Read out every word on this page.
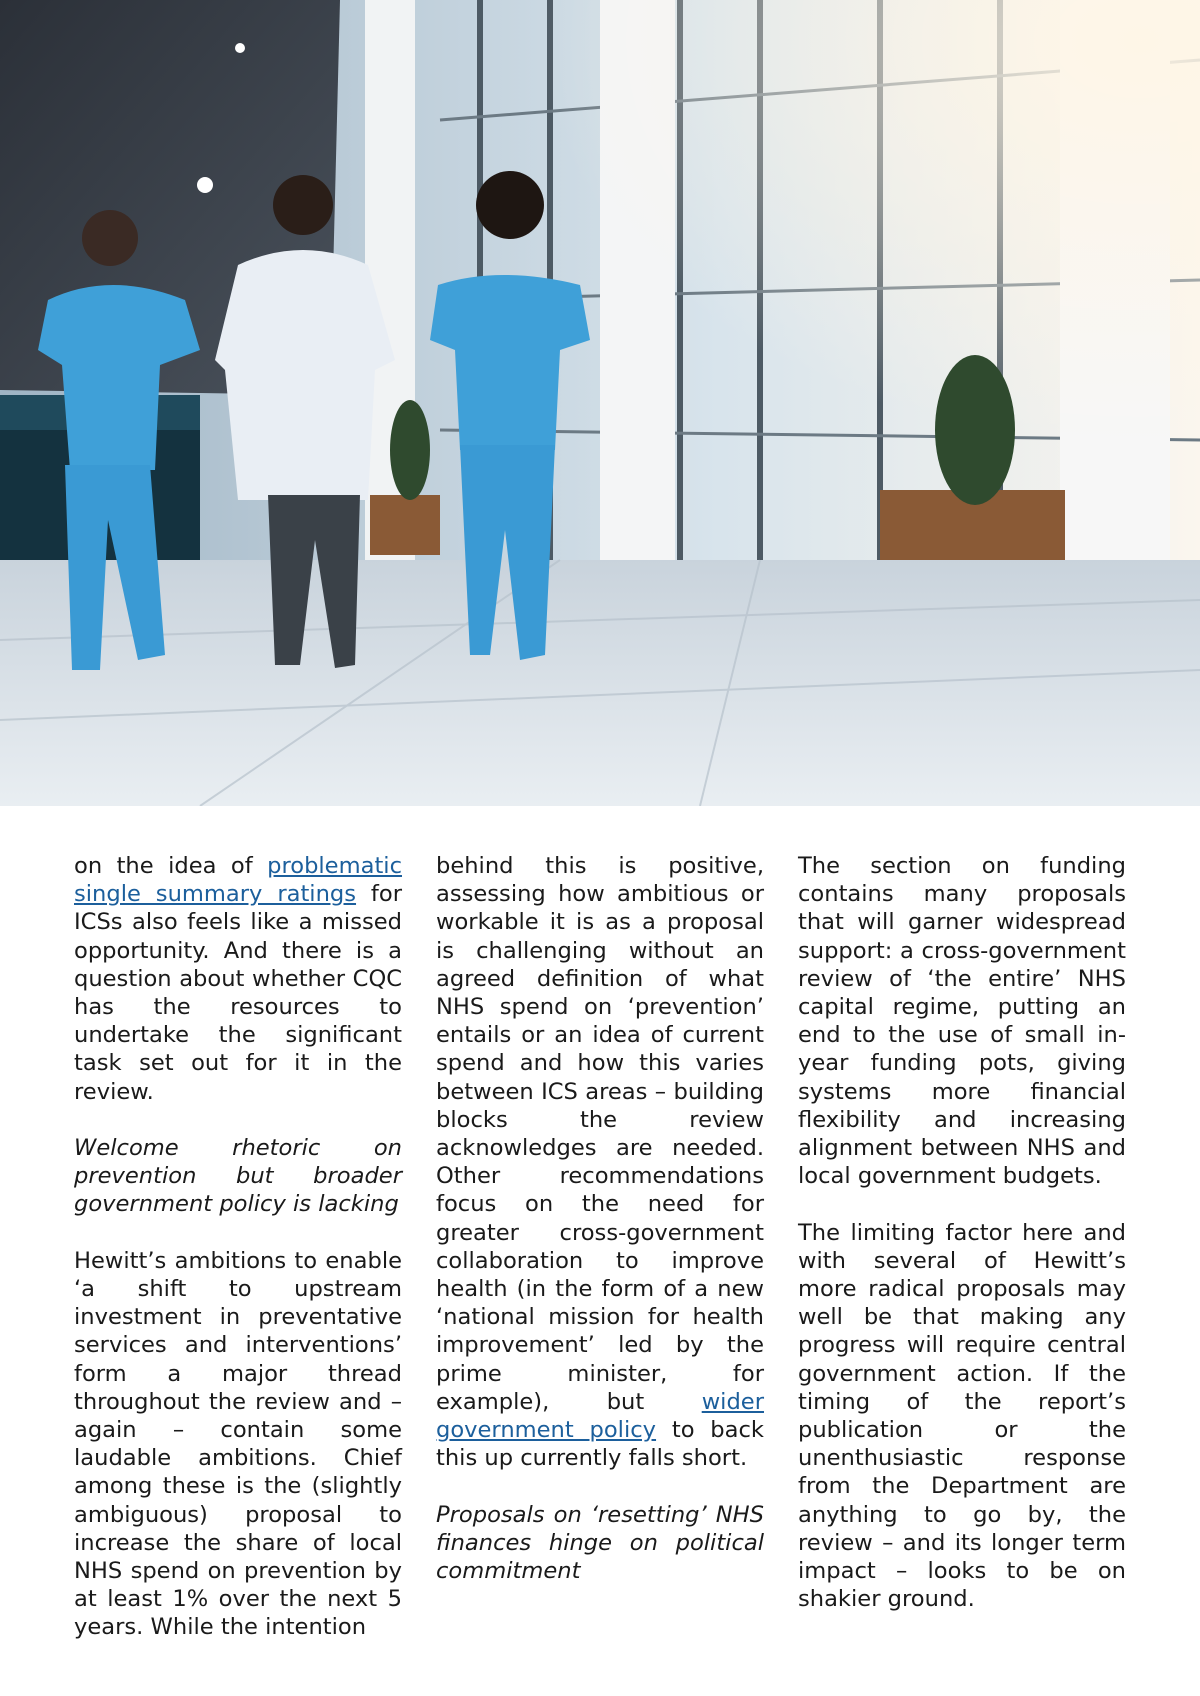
on the idea of problematic single summary ratings for ICSs also feels like a missed opportunity. And there is a question about whether CQC has the resources to undertake the significant task set out for it in the review.

Welcome rhetoric on prevention but broader government policy is lacking

Hewitt’s ambitions to enable ‘a shift to upstream investment in preventative services and interventions’ form a major thread throughout the review and – again – contain some laudable ambitions. Chief among these is the (slightly ambiguous) proposal to increase the share of local NHS spend on prevention by at least 1% over the next 5 years. While the intention

behind this is positive, assessing how ambitious or workable it is as a proposal is challenging without an agreed definition of what NHS spend on ‘prevention’ entails or an idea of current spend and how this varies between ICS areas – building blocks the review acknowledges are needed. Other recommendations focus on the need for greater cross-government collaboration to improve health (in the form of a new ‘national mission for health improvement’ led by the prime minister, for example), but wider government policy to back this up currently falls short.

Proposals on ‘resetting’ NHS finances hinge on political commitment

The section on funding contains many proposals that will garner widespread support: a cross-government review of ‘the entire’ NHS capital regime, putting an end to the use of small in-year funding pots, giving systems more financial flexibility and increasing alignment between NHS and local government budgets.

The limiting factor here and with several of Hewitt’s more radical proposals may well be that making any progress will require central government action. If the timing of the report’s publication or the unenthusiastic response from the Department are anything to go by, the review – and its longer term impact – looks to be on shakier ground.
